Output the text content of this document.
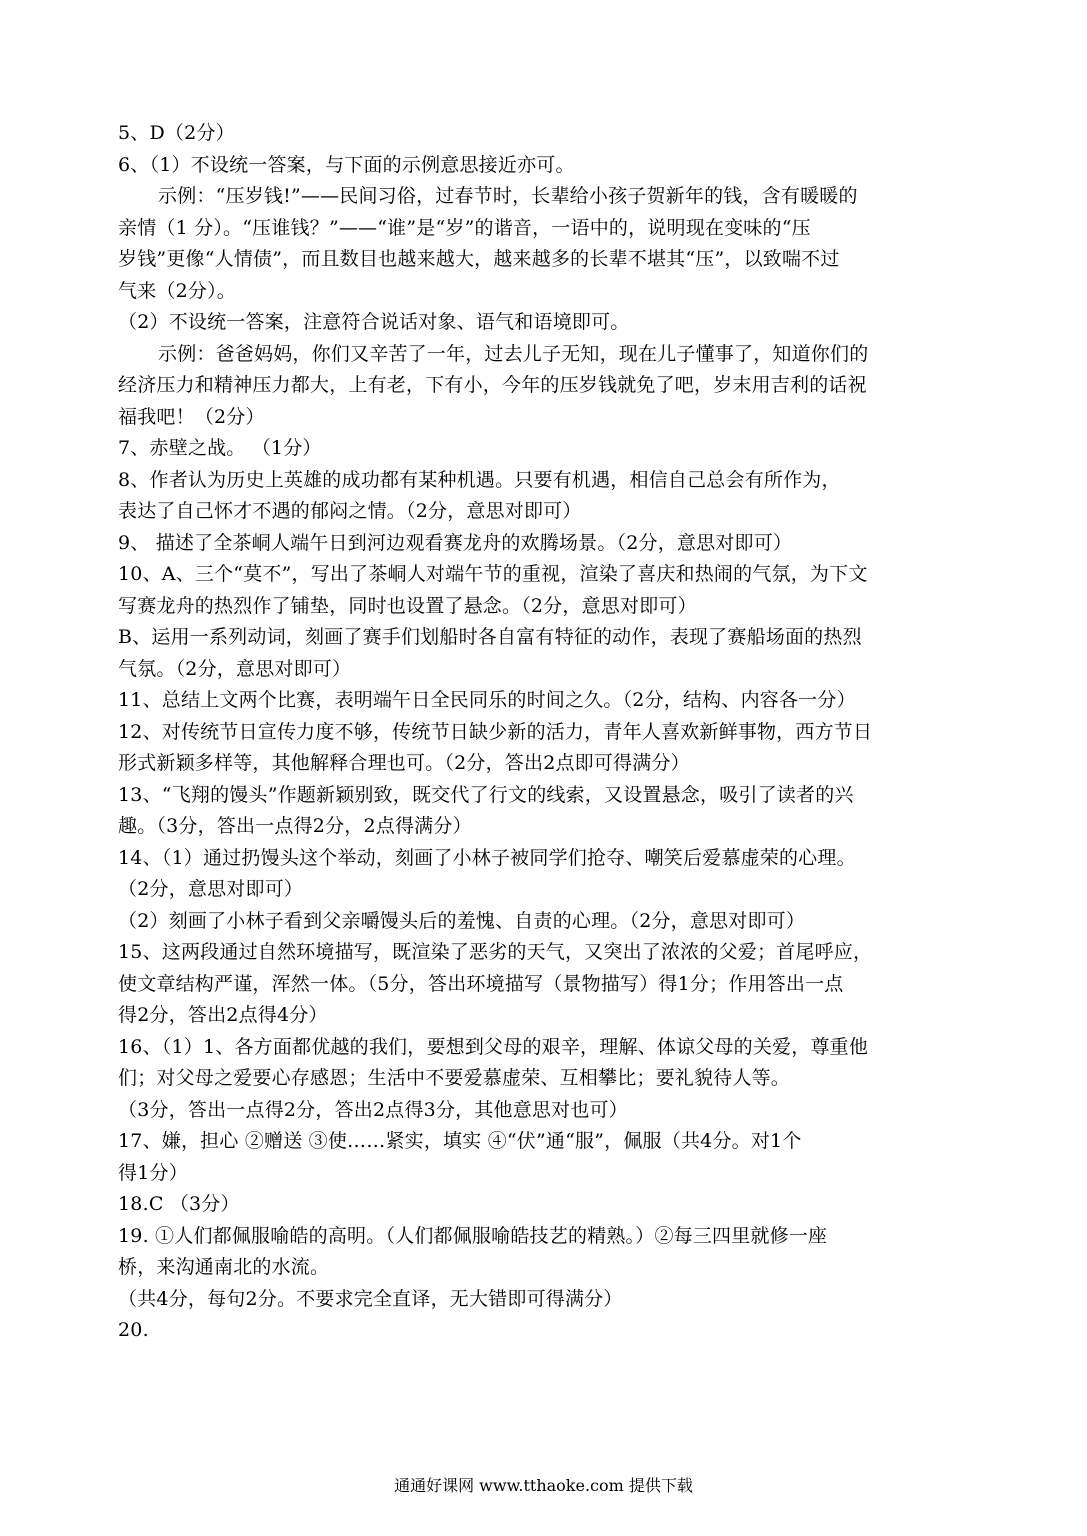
5、D（2分）
6、（1）不设统一答案，与下面的示例意思接近亦可。
示例：“压岁钱!”——民间习俗，过春节时，长辈给小孩子贺新年的钱，含有暖暖的
亲情（1 分）。“压谁钱？”——“谁”是“岁”的谐音，一语中的，说明现在变味的“压
岁钱”更像“人情债”，而且数目也越来越大，越来越多的长辈不堪其“压”，以致喘不过
气来（2分）。
（2）不设统一答案，注意符合说话对象、语气和语境即可。
示例：爸爸妈妈，你们又辛苦了一年，过去儿子无知，现在儿子懂事了，知道你们的
经济压力和精神压力都大，上有老，下有小，今年的压岁钱就免了吧，岁末用吉利的话祝
福我吧！（2分）
7、赤壁之战。 （1分）
8、作者认为历史上英雄的成功都有某种机遇。只要有机遇，相信自己总会有所作为，
表达了自己怀才不遇的郁闷之情。（2分，意思对即可）
9、 描述了全茶峒人端午日到河边观看赛龙舟的欢腾场景。（2分，意思对即可）
10、A、三个“莫不”，写出了茶峒人对端午节的重视，渲染了喜庆和热闹的气氛，为下文
写赛龙舟的热烈作了铺垫，同时也设置了悬念。（2分，意思对即可）
B、运用一系列动词，刻画了赛手们划船时各自富有特征的动作，表现了赛船场面的热烈
气氛。（2分，意思对即可）
11、总结上文两个比赛，表明端午日全民同乐的时间之久。（2分，结构、内容各一分）
12、对传统节日宣传力度不够，传统节日缺少新的活力，青年人喜欢新鲜事物，西方节日
形式新颖多样等，其他解释合理也可。（2分，答出2点即可得满分）
13、“飞翔的馒头”作题新颖别致，既交代了行文的线索，又设置悬念，吸引了读者的兴
趣。（3分，答出一点得2分，2点得满分）
14、（1）通过扔馒头这个举动，刻画了小林子被同学们抢夺、嘲笑后爱慕虚荣的心理。
（2分，意思对即可）
（2）刻画了小林子看到父亲嚼馒头后的羞愧、自责的心理。（2分，意思对即可）
15、这两段通过自然环境描写，既渲染了恶劣的天气，又突出了浓浓的父爱；首尾呼应，
使文章结构严谨，浑然一体。（5分，答出环境描写（景物描写）得1分；作用答出一点
得2分，答出2点得4分）
16、（1）1、各方面都优越的我们，要想到父母的艰辛，理解、体谅父母的关爱，尊重他
们；对父母之爱要心存感恩；生活中不要爱慕虚荣、互相攀比；要礼貌待人等。
（3分，答出一点得2分，答出2点得3分，其他意思对也可）
17、嫌，担心 ②赠送 ③使……紧实，填实 ④“伏”通“服”，佩服（共4分。对1个
得1分）
18.C （3分）
19. ①人们都佩服喻皓的高明。（人们都佩服喻皓技艺的精熟。）②每三四里就修一座
桥，来沟通南北的水流。
（共4分，每句2分。不要求完全直译，无大错即可得满分）
20.
通通好课网 www.tthaoke.com 提供下载
